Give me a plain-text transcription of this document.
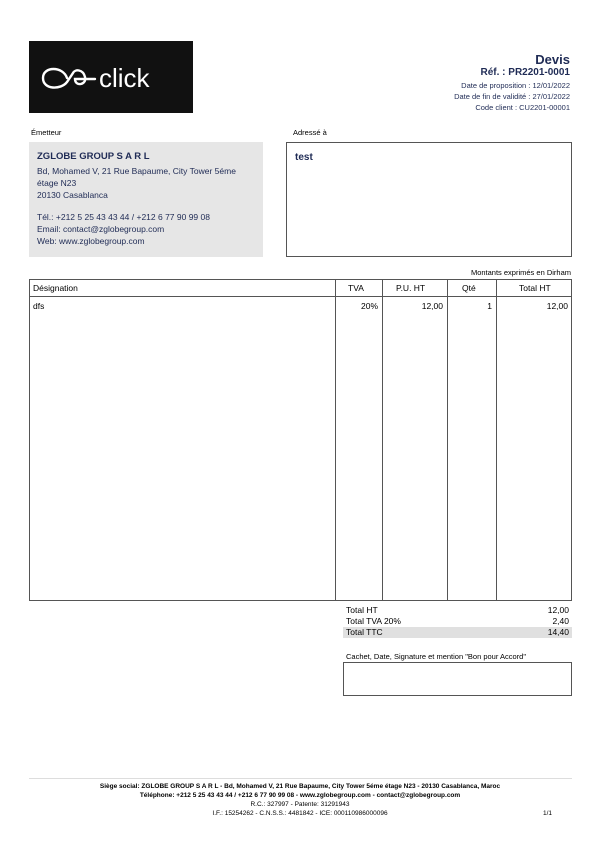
click
Devis
Réf. : PR2201-0001
Date de proposition : 12/01/2022
Date de fin de validité : 27/01/2022
Code client : CU2201-00001
Émetteur	Adressé à
ZGLOBE GROUP S A R L
Bd, Mohamed V, 21 Rue Bapaume, City Tower 5éme
étage N23
20130 Casablanca
Tél.: +212 5 25 43 43 44 / +212 6 77 90 99 08
Email: contact@zglobegroup.com
Web: www.zglobegroup.com
test
Montants exprimés en Dirham
Désignation	TVA	P.U. HT	Qté	Total HT
dfs	20%	12,00	1	12,00
Total HT	12,00
Total TVA 20%	2,40
Total TTC	14,40
Cachet, Date, Signature et mention "Bon pour Accord"
Siège social: ZGLOBE GROUP S A R L - Bd, Mohamed V, 21 Rue Bapaume, City Tower 5éme étage N23 - 20130 Casablanca, Maroc
Téléphone: +212 5 25 43 43 44 / +212 6 77 90 99 08 - www.zglobegroup.com - contact@zglobegroup.com
R.C.: 327997 - Patente: 31291943
I.F.: 15254262 - C.N.S.S.: 4481842 - ICE: 000110986000096	1/1
